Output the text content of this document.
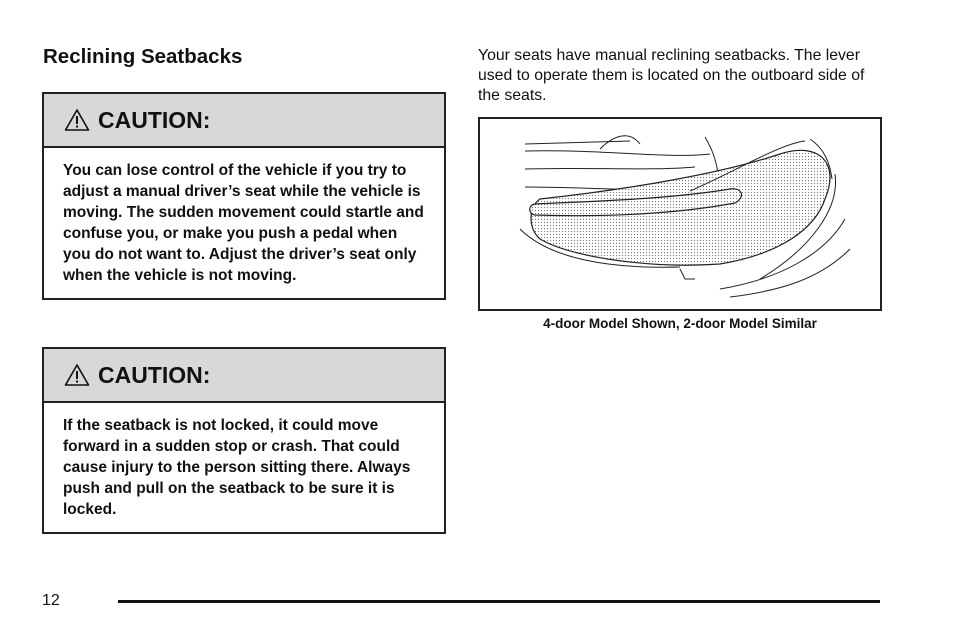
Reclining Seatbacks
CAUTION:
You can lose control of the vehicle if you try to adjust a manual driver’s seat while the vehicle is moving. The sudden movement could startle and confuse you, or make you push a pedal when you do not want to. Adjust the driver’s seat only when the vehicle is not moving.
CAUTION:
If the seatback is not locked, it could move forward in a sudden stop or crash. That could cause injury to the person sitting there. Always push and pull on the seatback to be sure it is locked.

Your seats have manual reclining seatbacks. The lever used to operate them is located on the outboard side of the seats.

4-door Model Shown, 2-door Model Similar
12
